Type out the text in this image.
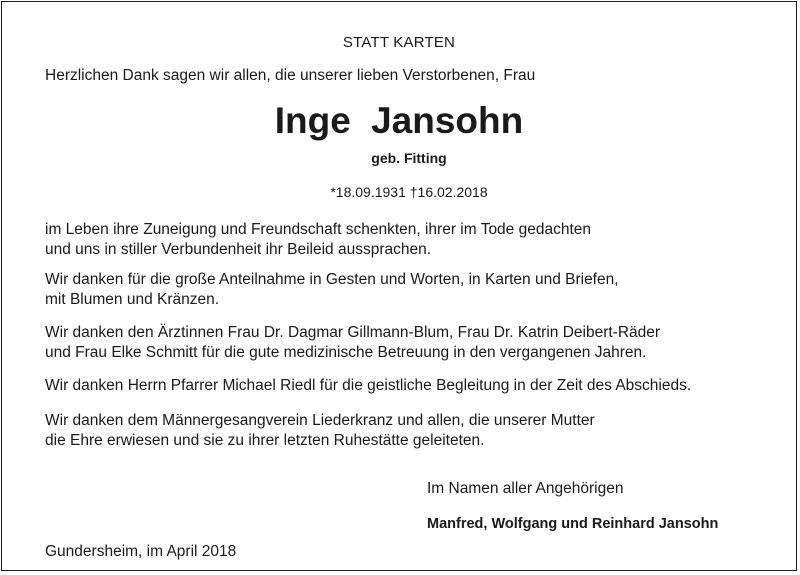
STATT KARTEN
Herzlichen Dank sagen wir allen, die unserer lieben Verstorbenen, Frau
Inge Jansohn
geb. Fitting
*18.09.1931 †16.02.2018
im Leben ihre Zuneigung und Freundschaft schenkten, ihrer im Tode gedachten
und uns in stiller Verbundenheit ihr Beileid aussprachen.
Wir danken für die große Anteilnahme in Gesten und Worten, in Karten und Briefen,
mit Blumen und Kränzen.
Wir danken den Ärztinnen Frau Dr. Dagmar Gillmann-Blum, Frau Dr. Katrin Deibert-Räder
und Frau Elke Schmitt für die gute medizinische Betreuung in den vergangenen Jahren.
Wir danken Herrn Pfarrer Michael Riedl für die geistliche Begleitung in der Zeit des Abschieds.
Wir danken dem Männergesangverein Liederkranz und allen, die unserer Mutter
die Ehre erwiesen und sie zu ihrer letzten Ruhestätte geleiteten.
Im Namen aller Angehörigen
Manfred, Wolfgang und Reinhard Jansohn
Gundersheim, im April 2018
